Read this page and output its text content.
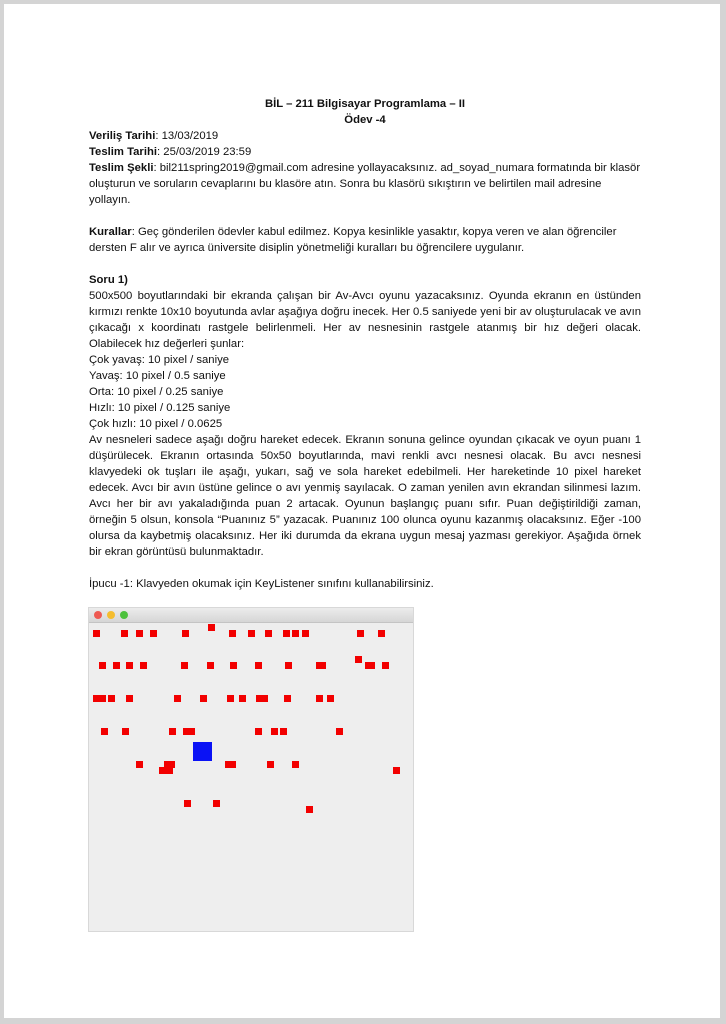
BİL – 211 Bilgisayar Programlama – II
Ödev -4
Veriliş Tarihi: 13/03/2019
Teslim Tarihi: 25/03/2019 23:59
Teslim Şekli: bil211spring2019@gmail.com adresine yollayacaksınız. ad_soyad_numara formatında bir klasör oluşturun ve soruların cevaplarını bu klasöre atın. Sonra bu klasörü sıkıştırın ve belirtilen mail adresine yollayın.
Kurallar: Geç gönderilen ödevler kabul edilmez. Kopya kesinlikle yasaktır, kopya veren ve alan öğrenciler dersten F alır ve ayrıca üniversite disiplin yönetmeliği kuralları bu öğrencilere uygulanır.
Soru 1)
500x500 boyutlarındaki bir ekranda çalışan bir Av-Avcı oyunu yazacaksınız. Oyunda ekranın en üstünden kırmızı renkte 10x10 boyutunda avlar aşağıya doğru inecek. Her 0.5 saniyede yeni bir av oluşturulacak ve avın çıkacağı x koordinatı rastgele belirlenmeli. Her av nesnesinin rastgele atanmış bir hız değeri olacak. Olabilecek hız değerleri şunlar:
Çok yavaş: 10 pixel / saniye
Yavaş: 10 pixel / 0.5 saniye
Orta: 10 pixel / 0.25 saniye
Hızlı: 10 pixel / 0.125 saniye
Çok hızlı: 10 pixel / 0.0625
Av nesneleri sadece aşağı doğru hareket edecek. Ekranın sonuna gelince oyundan çıkacak ve oyun puanı 1 düşürülecek. Ekranın ortasında 50x50 boyutlarında, mavi renkli avcı nesnesi olacak. Bu avcı nesnesi klavyedeki ok tuşları ile aşağı, yukarı, sağ ve sola hareket edebilmeli. Her hareketinde 10 pixel hareket edecek. Avcı bir avın üstüne gelince o avı yenmiş sayılacak. O zaman yenilen avın ekrandan silinmesi lazım. Avcı her bir avı yakaladığında puan 2 artacak. Oyunun başlangıç puanı sıfır. Puan değiştirildiği zaman, örneğin 5 olsun, konsola “Puanınız 5” yazacak. Puanınız 100 olunca oyunu kazanmış olacaksınız. Eğer -100 olursa da kaybetmiş olacaksınız. Her iki durumda da ekrana uygun mesaj yazması gerekiyor. Aşağıda örnek bir ekran görüntüsü bulunmaktadır.
İpucu -1: Klavyeden okumak için KeyListener sınıfını kullanabilirsiniz.
